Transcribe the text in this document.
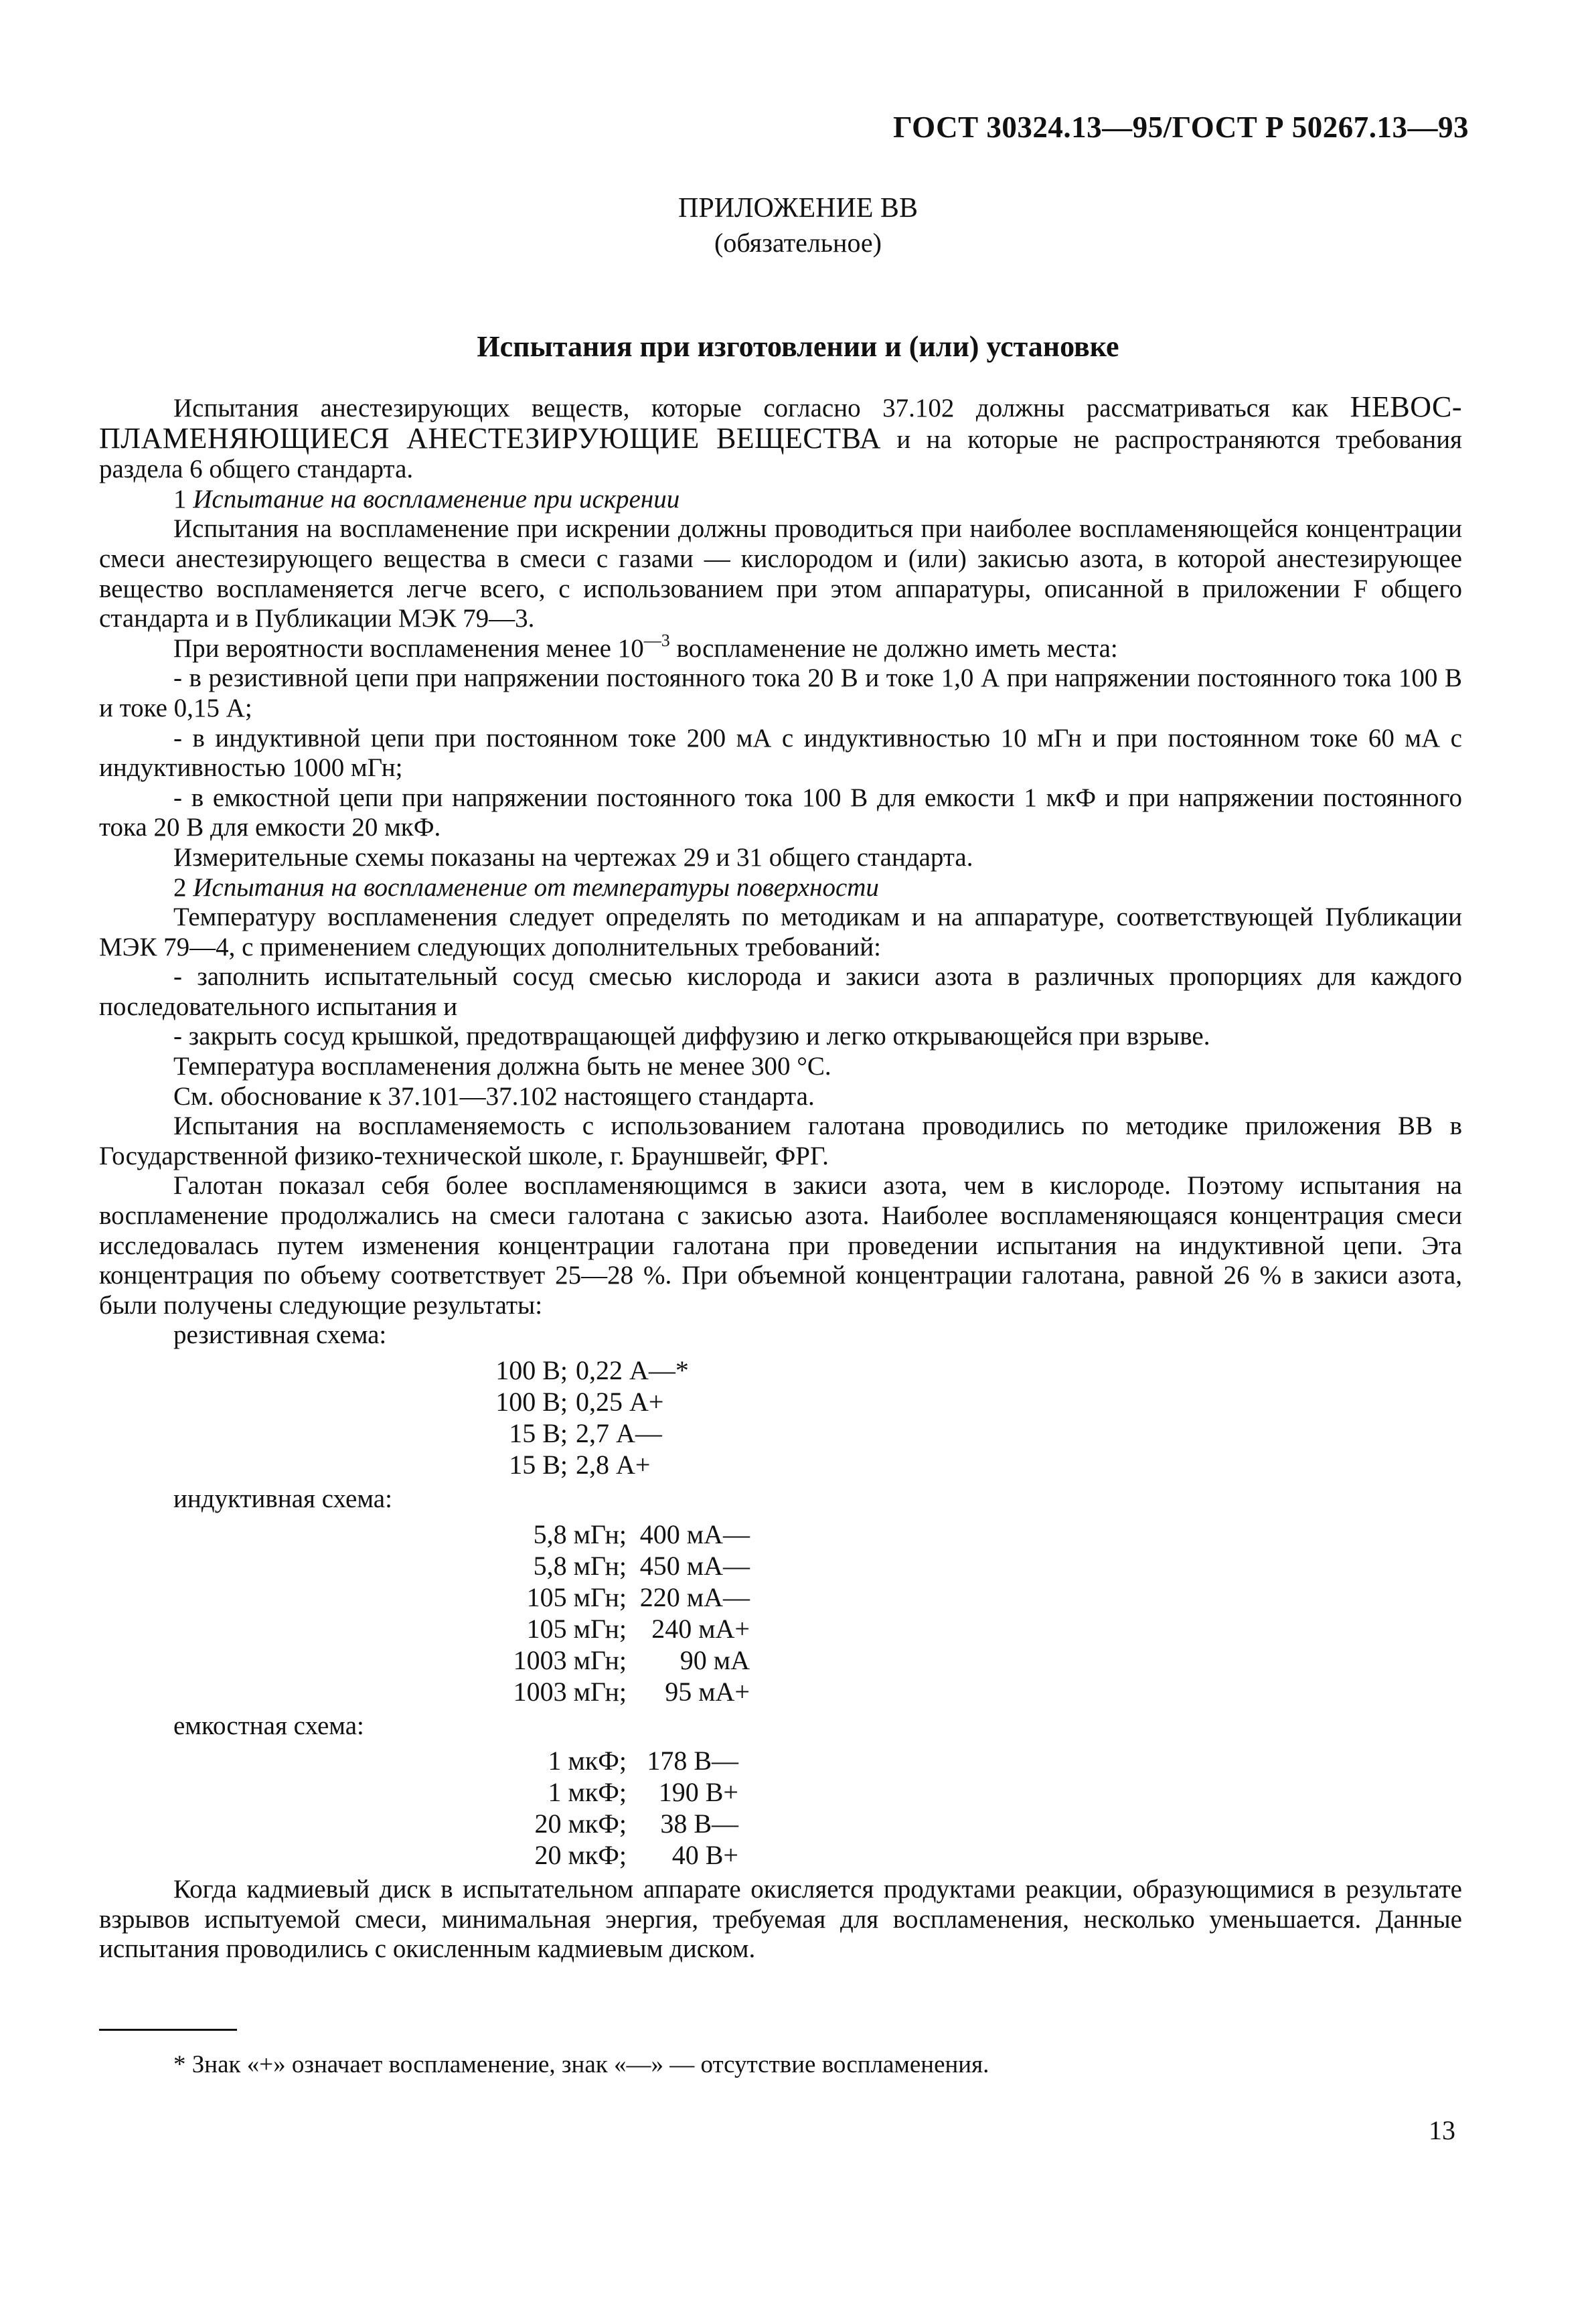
ГОСТ 30324.13—95/ГОСТ Р 50267.13—93
ПРИЛОЖЕНИЕ ВВ
(обязательное)
Испытания при изготовлении и (или) установке

Испытания анестезирующих веществ, которые согласно 37.102 должны рассматриваться как НЕВОС-ПЛАМЕНЯЮЩИЕСЯ АНЕСТЕЗИРУЮЩИЕ ВЕЩЕСТВА и на которые не распространяются требования раздела 6 общего стандарта.

1 Испытание на воспламенение при искрении

Испытания на воспламенение при искрении должны проводиться при наиболее воспламеняющейся концентрации смеси анестезирующего вещества в смеси с газами — кислородом и (или) закисью азота, в которой анестезирующее вещество воспламеняется легче всего, с использованием при этом аппаратуры, описанной в приложении F общего стандарта и в Публикации МЭК 79—3.

При вероятности воспламенения менее $10^{—3}$ воспламенение не должно иметь места:

- в резистивной цепи при напряжении постоянного тока 20 В и токе 1,0 А при напряжении постоянного тока 100 В и токе 0,15 А;

- в индуктивной цепи при постоянном токе 200 мА с индуктивностью 10 мГн и при постоянном токе 60 мА с индуктивностью 1000 мГн;

- в емкостной цепи при напряжении постоянного тока 100 В для емкости 1 мкФ и при напряжении постоянного тока 20 В для емкости 20 мкФ.

Измерительные схемы показаны на чертежах 29 и 31 общего стандарта.

2 Испытания на воспламенение от температуры поверхности

Температуру воспламенения следует определять по методикам и на аппаратуре, соответствующей Публикации МЭК 79—4, с применением следующих дополнительных требований:

- заполнить испытательный сосуд смесью кислорода и закиси азота в различных пропорциях для каждого последовательного испытания и

- закрыть сосуд крышкой, предотвращающей диффузию и легко открывающейся при взрыве.

Температура воспламенения должна быть не менее 300 °С.

См. обоснование к 37.101—37.102 настоящего стандарта.

Испытания на воспламеняемость с использованием галотана проводились по методике приложения ВВ в Государственной физико-технической школе, г. Брауншвейг, ФРГ.

Галотан показал себя более воспламеняющимся в закиси азота, чем в кислороде. Поэтому испытания на воспламенение продолжались на смеси галотана с закисью азота. Наиболее воспламеняющаяся концентрация смеси исследовалась путем изменения концентрации галотана при проведении испытания на индуктивной цепи. Эта концентрация по объему соответствует 25—28 %. При объемной концентрации галотана, равной 26 % в закиси азота, были получены следующие результаты:

резистивная схема:
100 В; 0,22 А—*
100 В; 0,25 А+
15 В; 2,7 А—
15 В; 2,8 А+
индуктивная схема:
5,8 мГн; 400 мА—
5,8 мГн; 450 мА—
105 мГн; 220 мА—
105 мГн; 240 мА+
1003 мГн;	90 мА
1003 мГн;	95 мА+
емкостная схема:
1 мкФ; 178 В—
1 мкФ;	190 В+
20 мкФ;	38 В—
20 мкФ;	40 В+

Когда кадмиевый диск в испытательном аппарате окисляется продуктами реакции, образующимися в результате взрывов испытуемой смеси, минимальная энергия, требуемая для воспламенения, несколько уменьшается. Данные испытания проводились с окисленным кадмиевым диском.

* Знак «+» означает воспламенение, знак «—» — отсутствие воспламенения.
13
